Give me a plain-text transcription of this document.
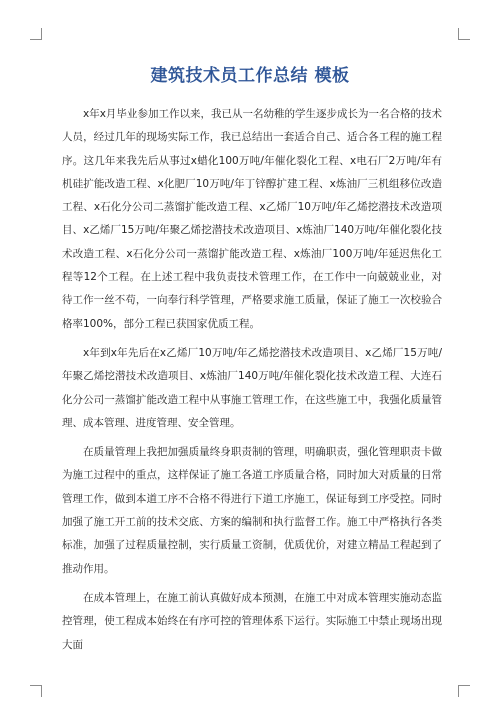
建筑技术员工作总结 模板

x年x月毕业参加工作以来，我已从一名幼稚的学生逐步成长为一名合格的技术人员，经过几年的现场实际工作，我已总结出一套适合自己、适合各工程的施工程序。这几年来我先后从事过x蜡化100万吨/年催化裂化工程、x电石厂2万吨/年有机硅扩能改造工程、x化肥厂10万吨/年丁锌醇扩建工程、x炼油厂三机组移位改造工程、x石化分公司二蒸馏扩能改造工程、x乙烯厂10万吨/年乙烯挖潜技术改造项目、x乙烯厂15万吨/年聚乙烯挖潜技术改造项目、x炼油厂140万吨/年催化裂化技术改造工程、x石化分公司一蒸馏扩能改造工程、x炼油厂100万吨/年延迟焦化工程等12个工程。在上述工程中我负责技术管理工作，在工作中一向兢兢业业，对待工作一丝不苟，一向奉行科学管理，严格要求施工质量，保证了施工一次校验合格率100%，部分工程已获国家优质工程。

x年到x年先后在x乙烯厂10万吨/年乙烯挖潜技术改造项目、x乙烯厂15万吨/年聚乙烯挖潜技术改造项目、x炼油厂140万吨/年催化裂化技术改造工程、大连石化分公司一蒸馏扩能改造工程中从事施工管理工作，在这些施工中，我强化质量管理、成本管理、进度管理、安全管理。

在质量管理上我把加强质量终身职责制的管理，明确职责，强化管理职责卡做为施工过程中的重点，这样保证了施工各道工序质量合格，同时加大对质量的日常管理工作，做到本道工序不合格不得进行下道工序施工，保证每到工序受控。同时加强了施工开工前的技术交底、方案的编制和执行监督工作。施工中严格执行各类标准，加强了过程质量控制，实行质量工资制，优质优价，对建立精品工程起到了推动作用。

在成本管理上，在施工前认真做好成本预测，在施工中对成本管理实施动态监控管理，使工程成本始终在有序可控的管理体系下运行。实际施工中禁止现场出现大面
